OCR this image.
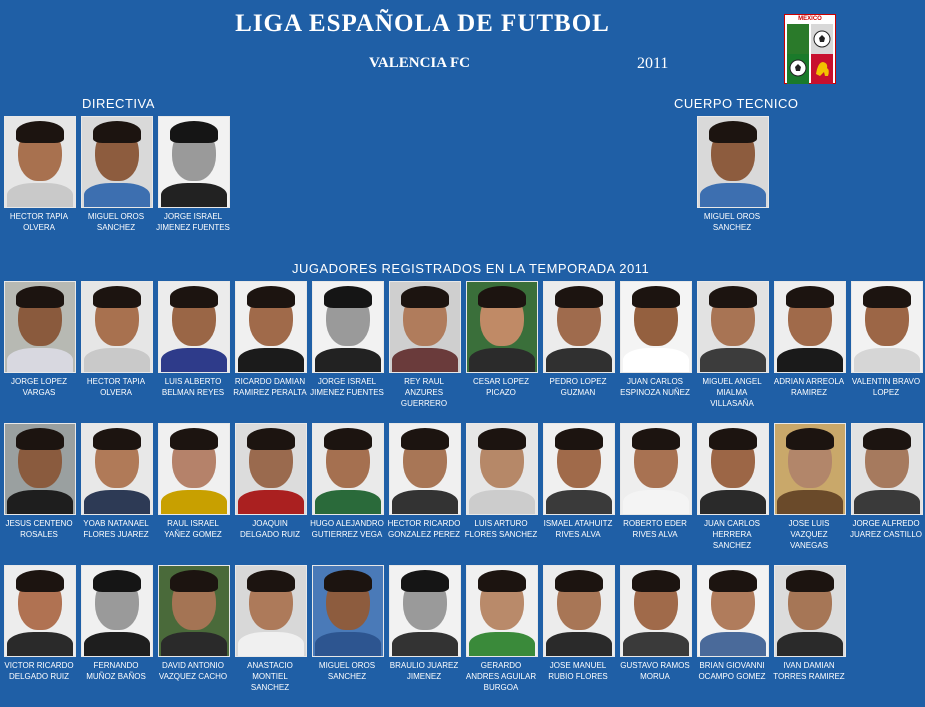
LIGA ESPAÑOLA DE FUTBOL
VALENCIA FC	2011
MEXICO
DIRECTIVA	CUERPO TECNICO
JUGADORES REGISTRADOS EN LA TEMPORADA 2011
HECTOR TAPIA OLVERA
MIGUEL OROS SANCHEZ
JORGE ISRAEL JIMENEZ FUENTES
MIGUEL OROS SANCHEZ
JORGE LOPEZ VARGAS
HECTOR TAPIA OLVERA
LUIS ALBERTO BELMAN REYES
RICARDO DAMIAN RAMIREZ PERALTA
JORGE ISRAEL JIMENEZ FUENTES
REY RAUL ANZURES GUERRERO
CESAR LOPEZ PICAZO
PEDRO LOPEZ GUZMAN
JUAN CARLOS ESPINOZA NUÑEZ
MIGUEL ANGEL MIALMA VILLASAÑA
ADRIAN ARREOLA RAMIREZ
VALENTIN BRAVO LOPEZ
JESUS CENTENO ROSALES
YOAB NATANAEL FLORES JUAREZ
RAUL ISRAEL YAÑEZ GOMEZ
JOAQUIN DELGADO RUIZ
HUGO ALEJANDRO GUTIERREZ VEGA
HECTOR RICARDO GONZALEZ PEREZ
LUIS ARTURO FLORES SANCHEZ
ISMAEL ATAHUITZ RIVES ALVA
ROBERTO EDER RIVES ALVA
JUAN CARLOS HERRERA SANCHEZ
JOSE LUIS VAZQUEZ VANEGAS
JORGE ALFREDO JUAREZ CASTILLO
VICTOR RICARDO DELGADO RUIZ
FERNANDO MUÑOZ BAÑOS
DAVID ANTONIO VAZQUEZ CACHO
ANASTACIO MONTIEL SANCHEZ
MIGUEL OROS SANCHEZ
BRAULIO JUAREZ JIMENEZ
GERARDO ANDRES AGUILAR BURGOA
JOSE MANUEL RUBIO FLORES
GUSTAVO RAMOS MORUA
BRIAN GIOVANNI OCAMPO GOMEZ
IVAN DAMIAN TORRES RAMIREZ
